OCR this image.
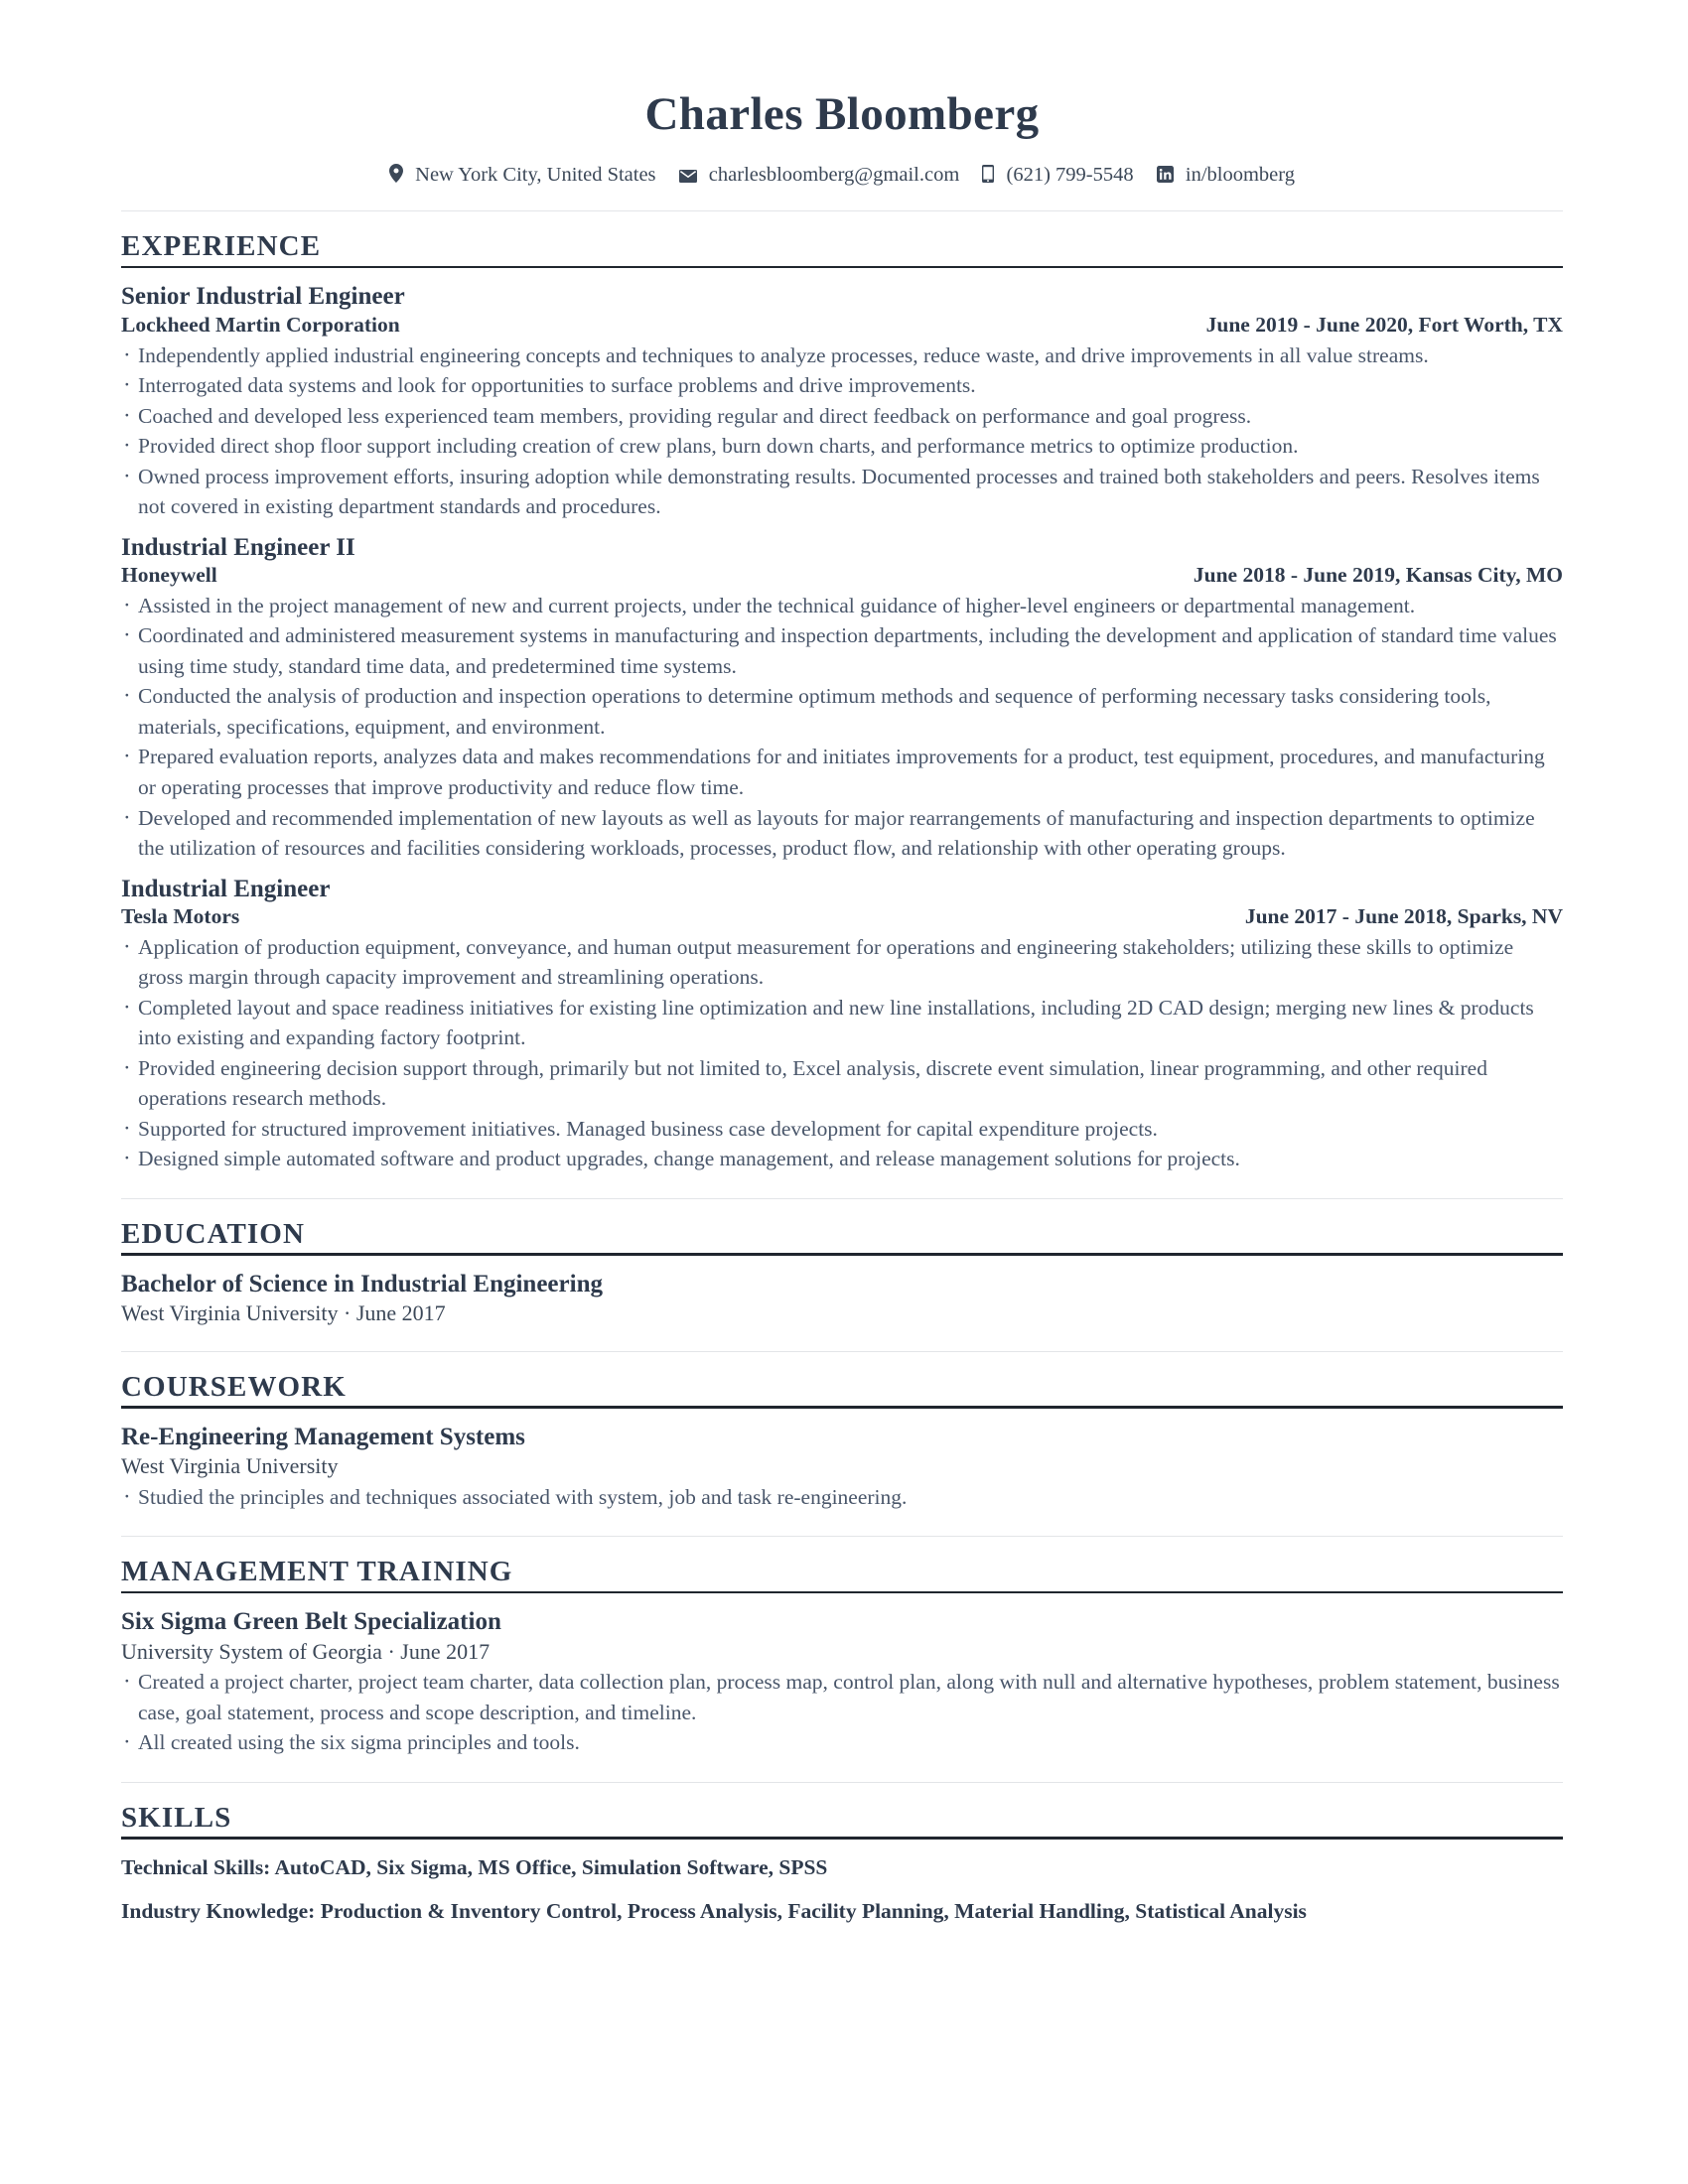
Charles Bloomberg
New York City, United States	charlesbloomberg@gmail.com (621) 799-5548	in/bloomberg
EXPERIENCE
Senior Industrial Engineer
Lockheed Martin Corporation	June 2019 - June 2020, Fort Worth, TX
· Independently applied industrial engineering concepts and techniques to analyze processes, reduce waste, and drive improvements in all value streams.
· Interrogated data systems and look for opportunities to surface problems and drive improvements.
· Coached and developed less experienced team members, providing regular and direct feedback on performance and goal progress.
· Provided direct shop floor support including creation of crew plans, burn down charts, and performance metrics to optimize production.
· Owned process improvement efforts, insuring adoption while demonstrating results. Documented processes and trained both stakeholders and peers. Resolves items not covered in existing department standards and procedures.
Industrial Engineer II
Honeywell	June 2018 - June 2019, Kansas City, MO
· Assisted in the project management of new and current projects, under the technical guidance of higher-level engineers or departmental management.
· Coordinated and administered measurement systems in manufacturing and inspection departments, including the development and application of standard time values using time study, standard time data, and predetermined time systems.
· Conducted the analysis of production and inspection operations to determine optimum methods and sequence of performing necessary tasks considering tools, materials, specifications, equipment, and environment.
· Prepared evaluation reports, analyzes data and makes recommendations for and initiates improvements for a product, test equipment, procedures, and manufacturing or operating processes that improve productivity and reduce flow time.
· Developed and recommended implementation of new layouts as well as layouts for major rearrangements of manufacturing and inspection departments to optimize the utilization of resources and facilities considering workloads, processes, product flow, and relationship with other operating groups.
Industrial Engineer
Tesla Motors	June 2017 - June 2018, Sparks, NV
· Application of production equipment, conveyance, and human output measurement for operations and engineering stakeholders; utilizing these skills to optimize gross margin through capacity improvement and streamlining operations.
· Completed layout and space readiness initiatives for existing line optimization and new line installations, including 2D CAD design; merging new lines & products into existing and expanding factory footprint.
· Provided engineering decision support through, primarily but not limited to, Excel analysis, discrete event simulation, linear programming, and other required operations research methods.
· Supported for structured improvement initiatives. Managed business case development for capital expenditure projects.
· Designed simple automated software and product upgrades, change management, and release management solutions for projects.
EDUCATION
Bachelor of Science in Industrial Engineering
West Virginia University · June 2017
COURSEWORK
Re-Engineering Management Systems
West Virginia University
· Studied the principles and techniques associated with system, job and task re-engineering.
MANAGEMENT TRAINING
Six Sigma Green Belt Specialization
University System of Georgia · June 2017
· Created a project charter, project team charter, data collection plan, process map, control plan, along with null and alternative hypotheses, problem statement, business case, goal statement, process and scope description, and timeline.
· All created using the six sigma principles and tools.
SKILLS
Technical Skills: AutoCAD, Six Sigma, MS Office, Simulation Software, SPSS
Industry Knowledge: Production & Inventory Control, Process Analysis, Facility Planning, Material Handling, Statistical Analysis
